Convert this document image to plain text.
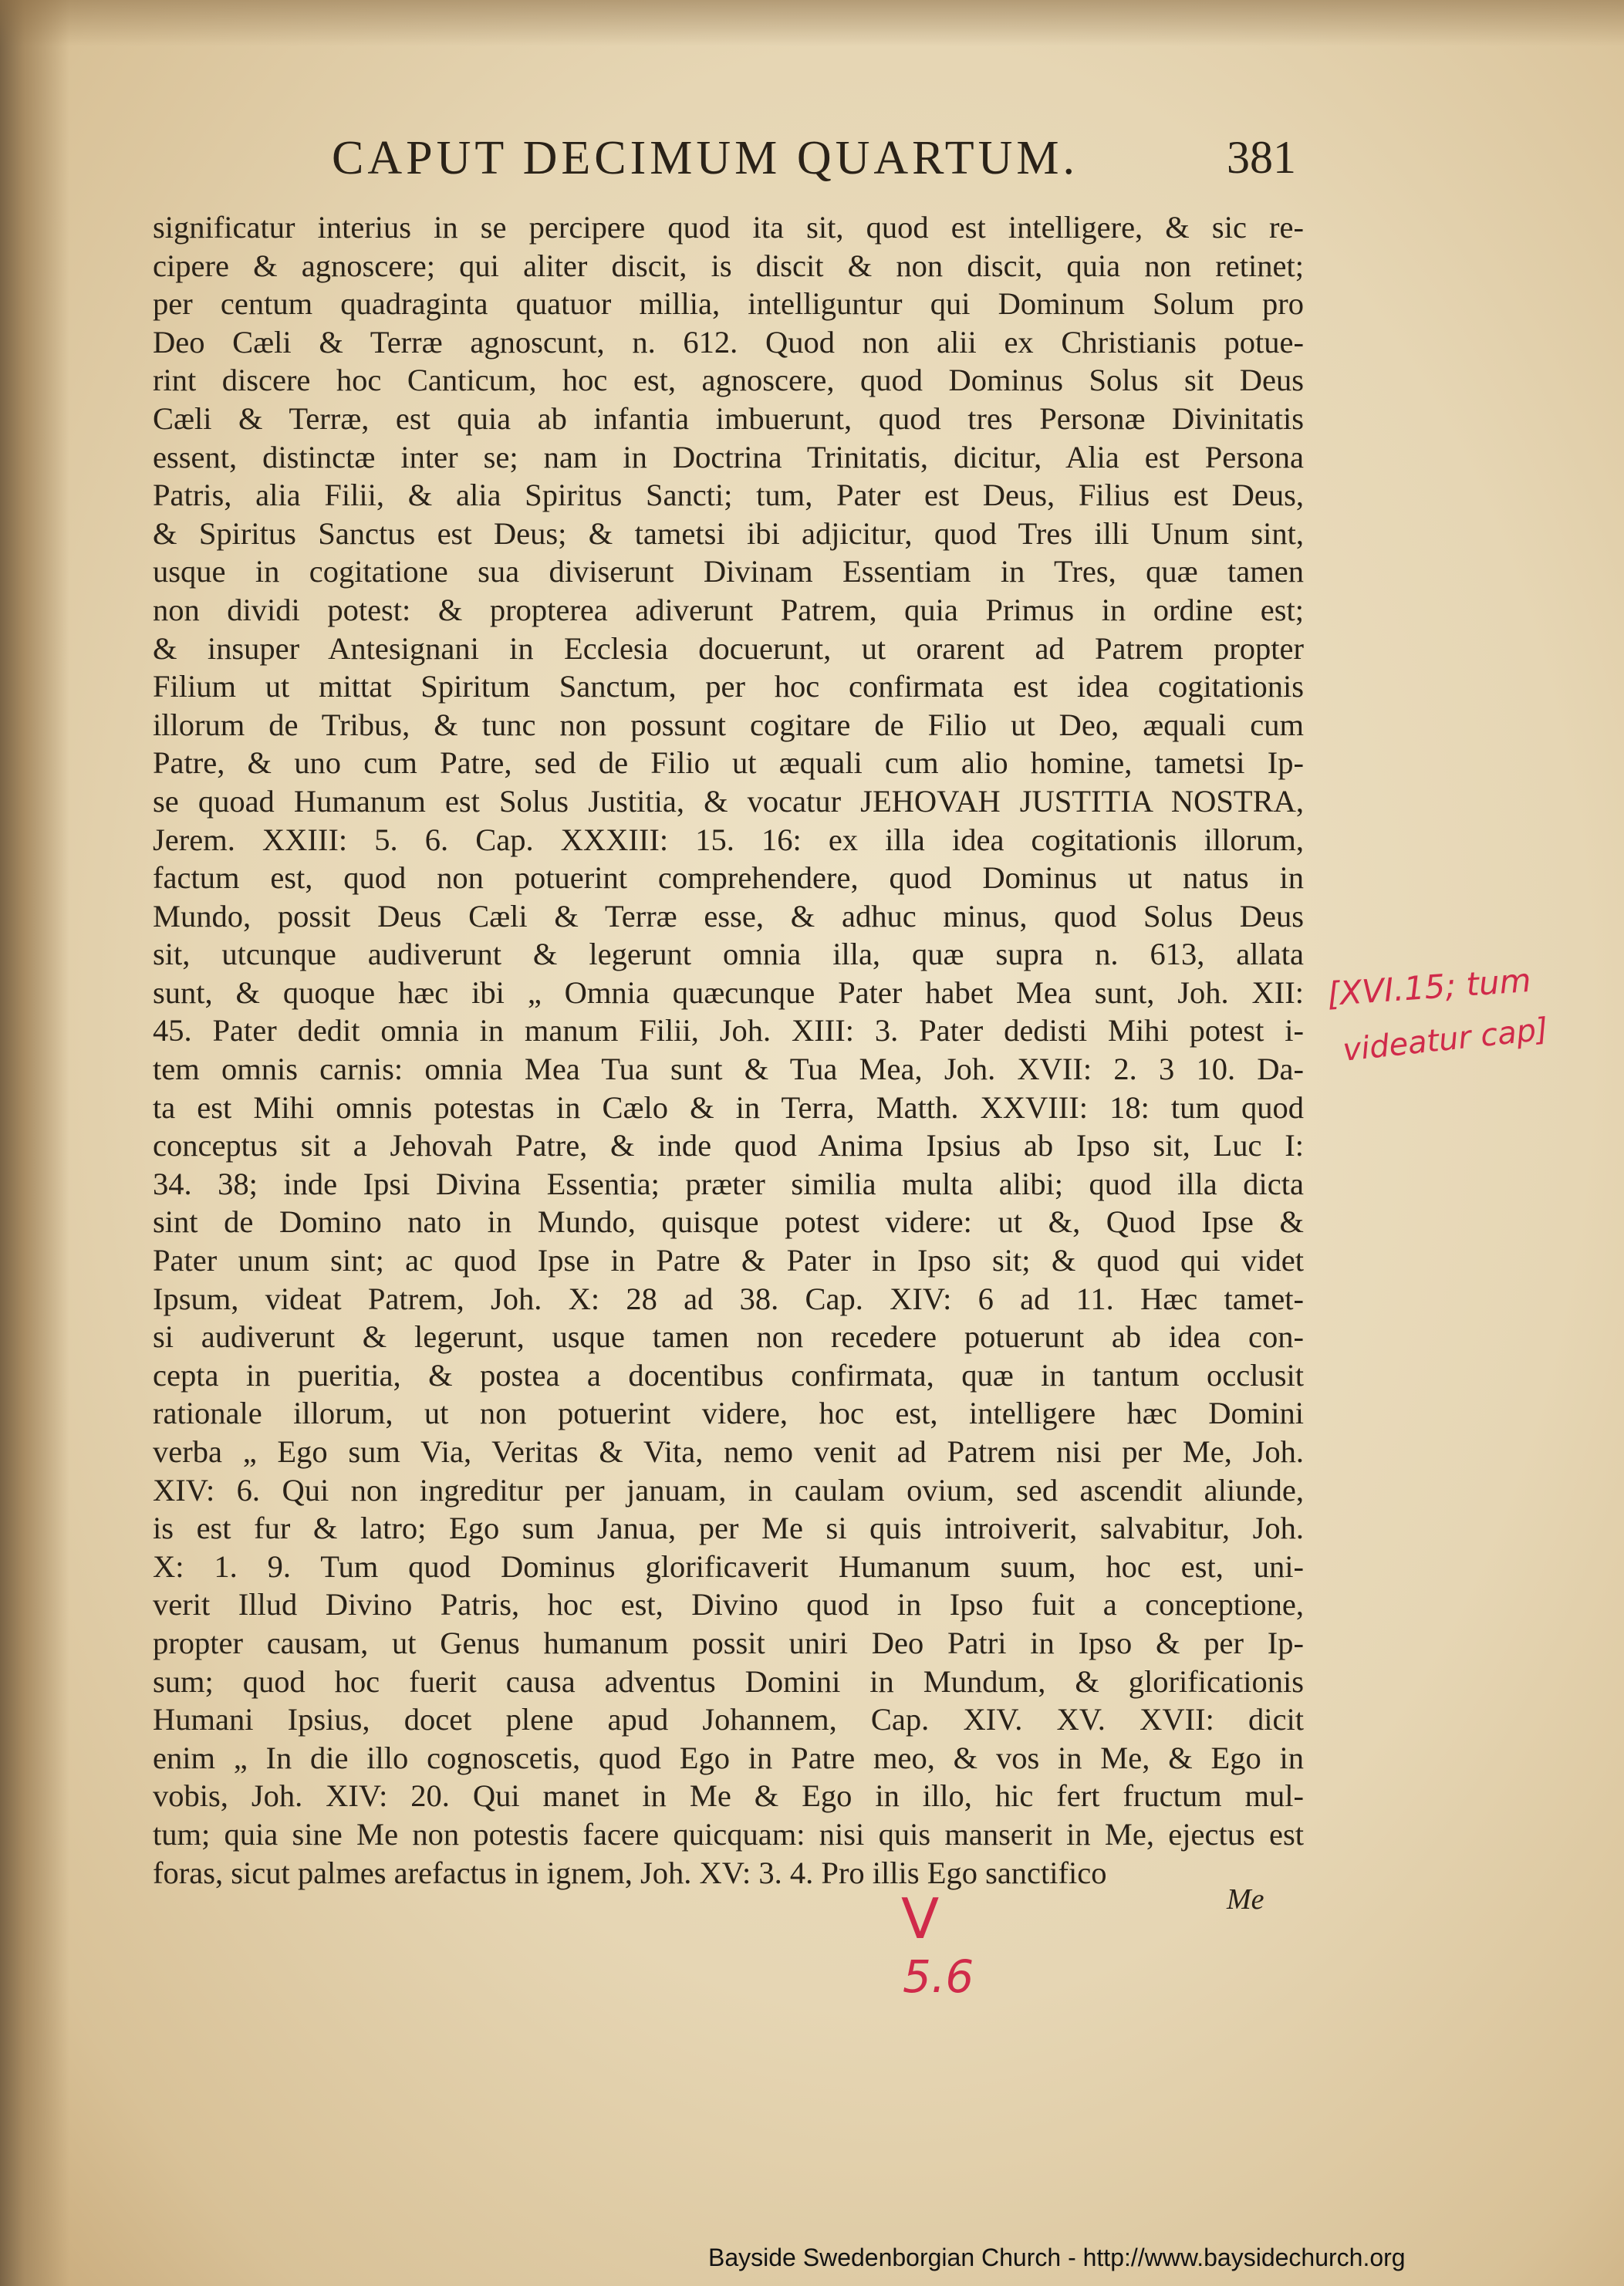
CAPUT DECIMUM QUARTUM.	381
significatur interius in se percipere quod ita sit, quod est intelligere, & sic re-
cipere & agnoscere; qui aliter discit, is discit & non discit, quia non retinet;
per centum quadraginta quatuor millia, intelliguntur qui Dominum Solum pro
Deo Cæli & Terræ agnoscunt, n. 612. Quod non alii ex Christianis potue-
rint discere hoc Canticum, hoc est, agnoscere, quod Dominus Solus sit Deus
Cæli & Terræ, est quia ab infantia imbuerunt, quod tres Personæ Divinitatis
essent, distinctæ inter se; nam in Doctrina Trinitatis, dicitur, Alia est Persona
Patris, alia Filii, & alia Spiritus Sancti; tum, Pater est Deus, Filius est Deus,
& Spiritus Sanctus est Deus; & tametsi ibi adjicitur, quod Tres illi Unum sint,
usque in cogitatione sua diviserunt Divinam Essentiam in Tres, quæ tamen
non dividi potest: & propterea adiverunt Patrem, quia Primus in ordine est;
& insuper Antesignani in Ecclesia docuerunt, ut orarent ad Patrem propter
Filium ut mittat Spiritum Sanctum, per hoc confirmata est idea cogitationis
illorum de Tribus, & tunc non possunt cogitare de Filio ut Deo, æquali cum
Patre, & uno cum Patre, sed de Filio ut æquali cum alio homine, tametsi Ip-
se quoad Humanum est Solus Justitia, & vocatur JEHOVAH JUSTITIA NOSTRA,
Jerem. XXIII: 5. 6. Cap. XXXIII: 15. 16: ex illa idea cogitationis illorum,
factum est, quod non potuerint comprehendere, quod Dominus ut natus in
Mundo, possit Deus Cæli & Terræ esse, & adhuc minus, quod Solus Deus
sit, utcunque audiverunt & legerunt omnia illa, quæ supra n. 613, allata
sunt, & quoque hæc ibi „ Omnia quæcunque Pater habet Mea sunt, Joh. XII:
45. Pater dedit omnia in manum Filii, Joh. XIII: 3. Pater dedisti Mihi potest i-
tem omnis carnis: omnia Mea Tua sunt & Tua Mea, Joh. XVII: 2. 3 10. Da-
ta est Mihi omnis potestas in Cælo & in Terra, Matth. XXVIII: 18: tum quod
conceptus sit a Jehovah Patre, & inde quod Anima Ipsius ab Ipso sit, Luc I:
34. 38; inde Ipsi Divina Essentia; præter similia multa alibi; quod illa dicta
sint de Domino nato in Mundo, quisque potest videre: ut &, Quod Ipse &
Pater unum sint; ac quod Ipse in Patre & Pater in Ipso sit; & quod qui videt
Ipsum, videat Patrem, Joh. X: 28 ad 38. Cap. XIV: 6 ad 11. Hæc tamet-
si audiverunt & legerunt, usque tamen non recedere potuerunt ab idea con-
cepta in pueritia, & postea a docentibus confirmata, quæ in tantum occlusit
rationale illorum, ut non potuerint videre, hoc est, intelligere hæc Domini
verba „ Ego sum Via, Veritas & Vita, nemo venit ad Patrem nisi per Me, Joh.
XIV: 6. Qui non ingreditur per januam, in caulam ovium, sed ascendit aliunde,
is est fur & latro; Ego sum Janua, per Me si quis introiverit, salvabitur, Joh.
X: 1. 9. Tum quod Dominus glorificaverit Humanum suum, hoc est, uni-
verit Illud Divino Patris, hoc est, Divino quod in Ipso fuit a conceptione,
propter causam, ut Genus humanum possit uniri Deo Patri in Ipso & per Ip-
sum; quod hoc fuerit causa adventus Domini in Mundum, & glorificationis
Humani Ipsius, docet plene apud Johannem, Cap. XIV. XV. XVII: dicit
enim „ In die illo cognoscetis, quod Ego in Patre meo, & vos in Me, & Ego in
vobis, Joh. XIV: 20. Qui manet in Me & Ego in illo, hic fert fructum mul-
tum; quia sine Me non potestis facere quicquam: nisi quis manserit in Me, ejectus est
foras, sicut palmes arefactus in ignem, Joh. XV: 3. 4. Pro illis Ego sanctifico
Me
[XVI.15; tum
videatur cap]
V
5.6
Bayside Swedenborgian Church - http://www.baysidechurch.org
